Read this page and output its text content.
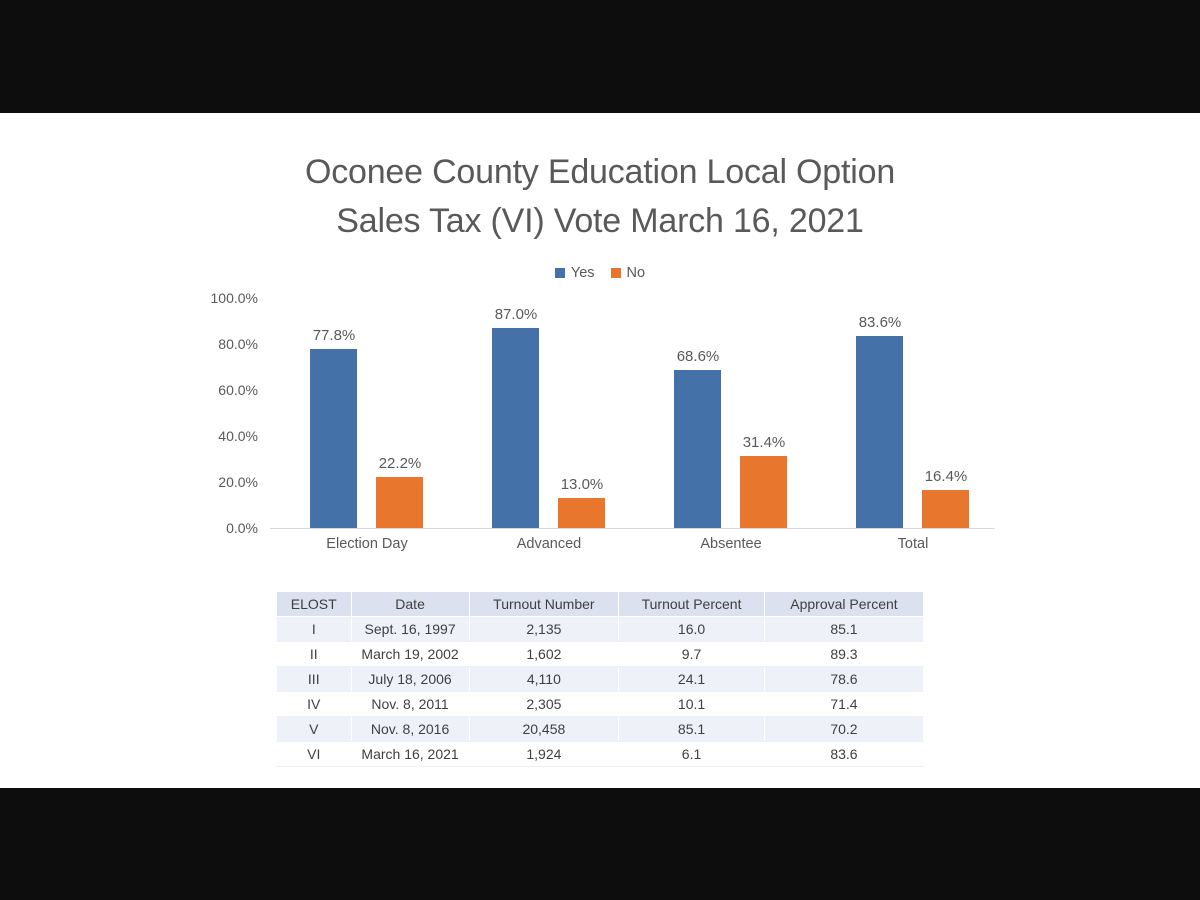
Oconee County Education Local Option
Sales Tax (VI) Vote March 16, 2021
Yes No
100.0%
80.0%
60.0%
40.0%
20.0%
0.0%
77.8%
22.2%
Election Day
87.0%
13.0%
Advanced
68.6%
31.4%
Absentee
83.6%
16.4%
Total
ELOST	Date	Turnout Number	Turnout Percent	Approval Percent
I	Sept. 16, 1997	2,135	16.0	85.1
II	March 19, 2002	1,602	9.7	89.3
III	July 18, 2006	4,110	24.1	78.6
IV	Nov. 8, 2011	2,305	10.1	71.4
V	Nov. 8, 2016	20,458	85.1	70.2
VI	March 16, 2021	1,924	6.1	83.6
